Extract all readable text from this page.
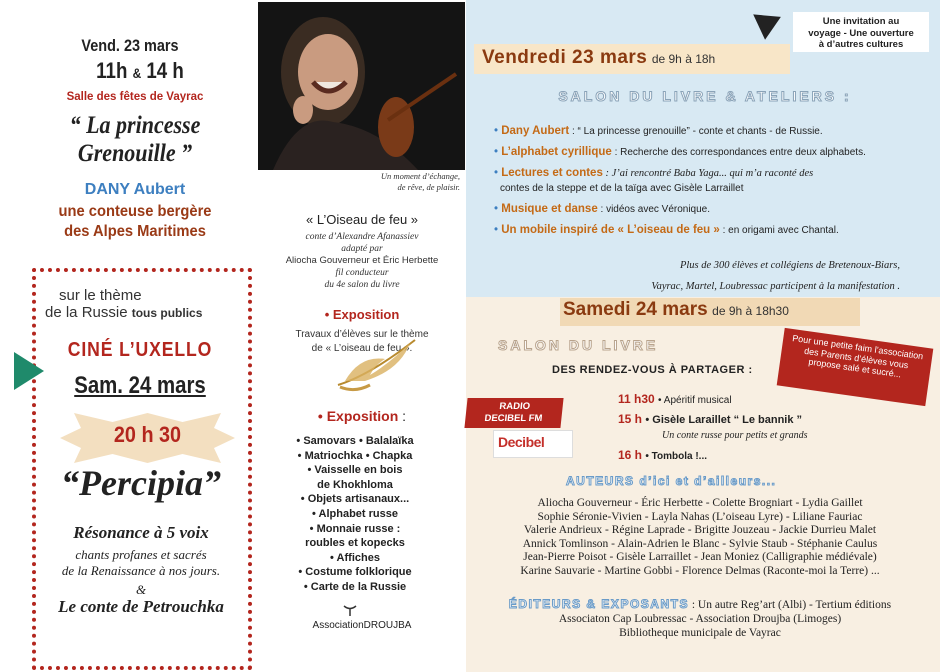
Vend. 23 mars
11h & 14 h
Salle des fêtes de Vayrac
“ La princesse
Grenouille ”
DANY Aubert
une conteuse bergère
des Alpes Maritimes
sur le thème
de la Russie tous publics
CINÉ L’UXELLO
Sam. 24 mars
20 h 30
“Percipia”
Résonance à 5 voix
chants profanes et sacrés
de la Renaissance à nos jours.
&
Le conte de Petrouchka
Un moment d’échange,
de rêve, de plaisir.
« L’Oiseau de feu »
conte d’Alexandre Afanassiev
adapté par
Aliocha Gouverneur et Éric Herbette
fil conducteur
du 4e salon du livre
• Exposition
Travaux d’élèves sur le thème
de « L’oiseau de feu ».
• Exposition :
• Samovars • Balalaïka
• Matriochka • Chapka
• Vaisselle en bois
de Khokhloma
• Objets artisanaux...
• Alphabet russe
• Monnaie russe :
roubles et kopecks
• Affiches
• Costume folklorique
• Carte de la Russie
AssociationDROUJBA
Une invitation au
voyage - Une ouverture
à d’autres cultures
Vendredi 23 mars de 9h à 18h
SALON DU LIVRE & ATELIERS :
• Dany Aubert : “ La princesse grenouille” - conte et chants - de Russie.
• L’alphabet cyrillique : Recherche des correspondances entre deux alphabets.
• Lectures et contes : J’ai rencontré Baba Yaga... qui m’a raconté des
contes de la steppe et de la taïga avec Gisèle Larraillet
• Musique et danse : vidéos avec Véronique.
• Un mobile inspiré de « L’oiseau de feu » : en origami avec Chantal.
Plus de 300 élèves et collégiens de Bretenoux-Biars,
Vayrac, Martel, Loubressac participent à la manifestation .
Samedi 24 mars de 9h à 18h30
SALON DU LIVRE
DES RENDEZ-VOUS À PARTAGER :
Pour une petite faim l’association des Parents d’élèves vous propose salé et sucré...
11 h30 • Apéritif musical
15 h • Gisèle Laraillet “ Le bannik ”
Un conte russe pour petits et grands
16 h • Tombola !...
RADIO
DECIBEL FM
Decibel
AUTEURS d’ici et d’ailleurs...
Aliocha Gouverneur - Éric Herbette - Colette Brogniart - Lydia Gaillet
Sophie Séronie-Vivien - Layla Nahas (L’oiseau Lyre) - Liliane Fauriac
Valerie Andrieux - Régine Laprade - Brigitte Jouzeau - Jackie Durrieu Malet
Annick Tomlinson - Alain-Adrien le Blanc - Sylvie Staub - Stéphanie Caulus
Jean-Pierre Poisot - Gisèle Larraillet - Jean Moniez (Calligraphie médiévale)
Karine Sauvarie - Martine Gobbi - Florence Delmas (Raconte-moi la Terre) ...
ÉDITEURS & EXPOSANTS : Un autre Reg’art (Albi) - Tertium éditions
Associaton Cap Loubressac - Association Droujba (Limoges)
Bibliotheque municipale de Vayrac
